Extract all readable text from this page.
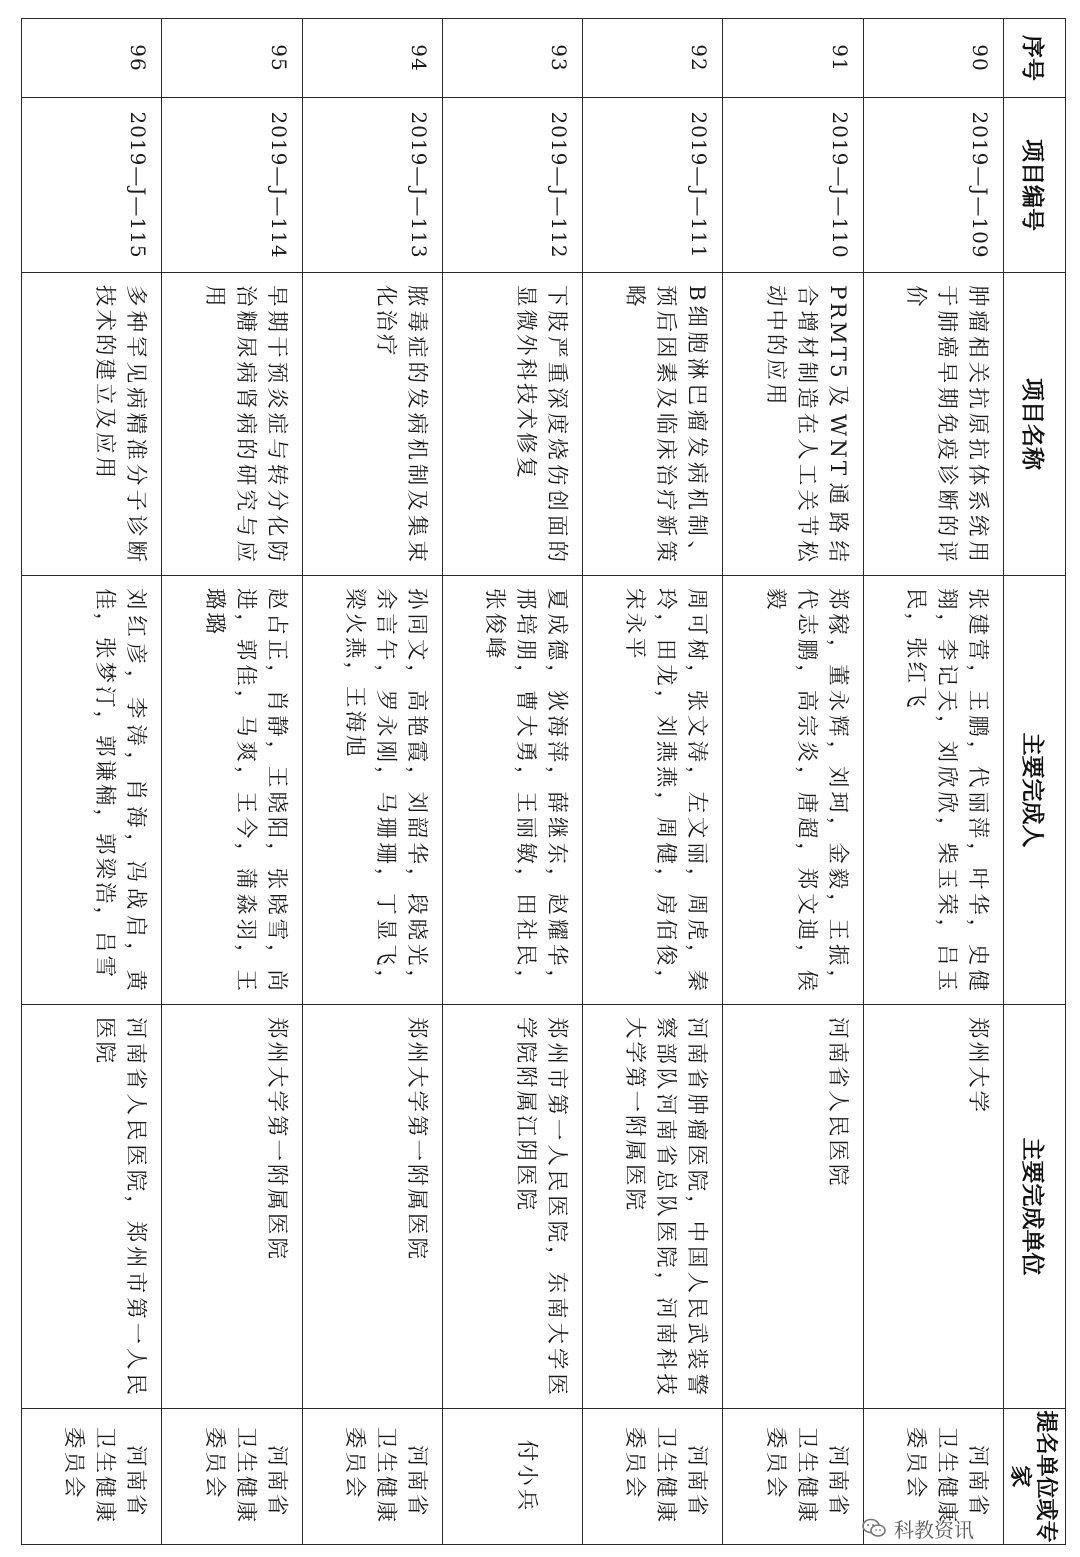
序号	项目编号	项目名称	主要完成人	主要完成单位	提名单位或专家
90	2019—J—109	肿瘤相关抗原抗体系统用于肺癌早期免疫诊断的评价	张建营，王鹏，代丽萍，叶华，史健翔，李记天，刘欣欣，柴玉荣，吕玉民，张红飞	郑州大学	河南省
卫生健康
委员会

91	2019—J—110	PRMT5及WNT通路结合增材制造在人工关节松动中的应用	郑稼，董永辉，刘珂，金毅，王振，代志鹏，高宗炎，唐超，郑文迪，侯毅	河南省人民医院	河南省
卫生健康
委员会

92	2019—J—111	B细胞淋巴瘤发病机制、预后因素及临床治疗新策略	周可树，张文涛，左文丽，周虎，秦玲，田龙，刘燕燕，周健，房佰俊，宋永平	河南省肿瘤医院，中国人民武装警察部队河南省总队医院，河南科技大学第一附属医院	河南省
卫生健康
委员会

93	2019—J—112	下肢严重深度烧伤创面的显微外科技术修复	夏成德，狄海萍，薛继东，赵耀华，邢培朋，曹大勇，王丽敏，田社民，张俊峰	郑州市第一人民医院，东南大学医学院附属江阴医院	付小兵

94	2019—J—113	脓毒症的发病机制及集束化治疗	孙同文，高艳霞，刘韶华，段晓光，余言午，罗永刚，马珊珊，丁显飞，梁火燕，王海旭	郑州大学第一附属医院	河南省
卫生健康
委员会

95	2019—J—114	早期干预炎症与转分化防治糖尿病肾病的研究与应用	赵占正，肖静，王晓阳，张晓雪，尚进，郭佳，马爽，王今，蒲淼羽，王璐璐	郑州大学第一附属医院	河南省
卫生健康
委员会

96	2019—J—115	多种罕见病精准分子诊断技术的建立及应用	刘红彦，李涛，肖海，冯战启，黄佳，张梦汀，郭谦楠，郭梁浩，吕雪	河南省人民医院，郑州市第一人民医院	河南省
卫生健康
委员会
科教资讯
